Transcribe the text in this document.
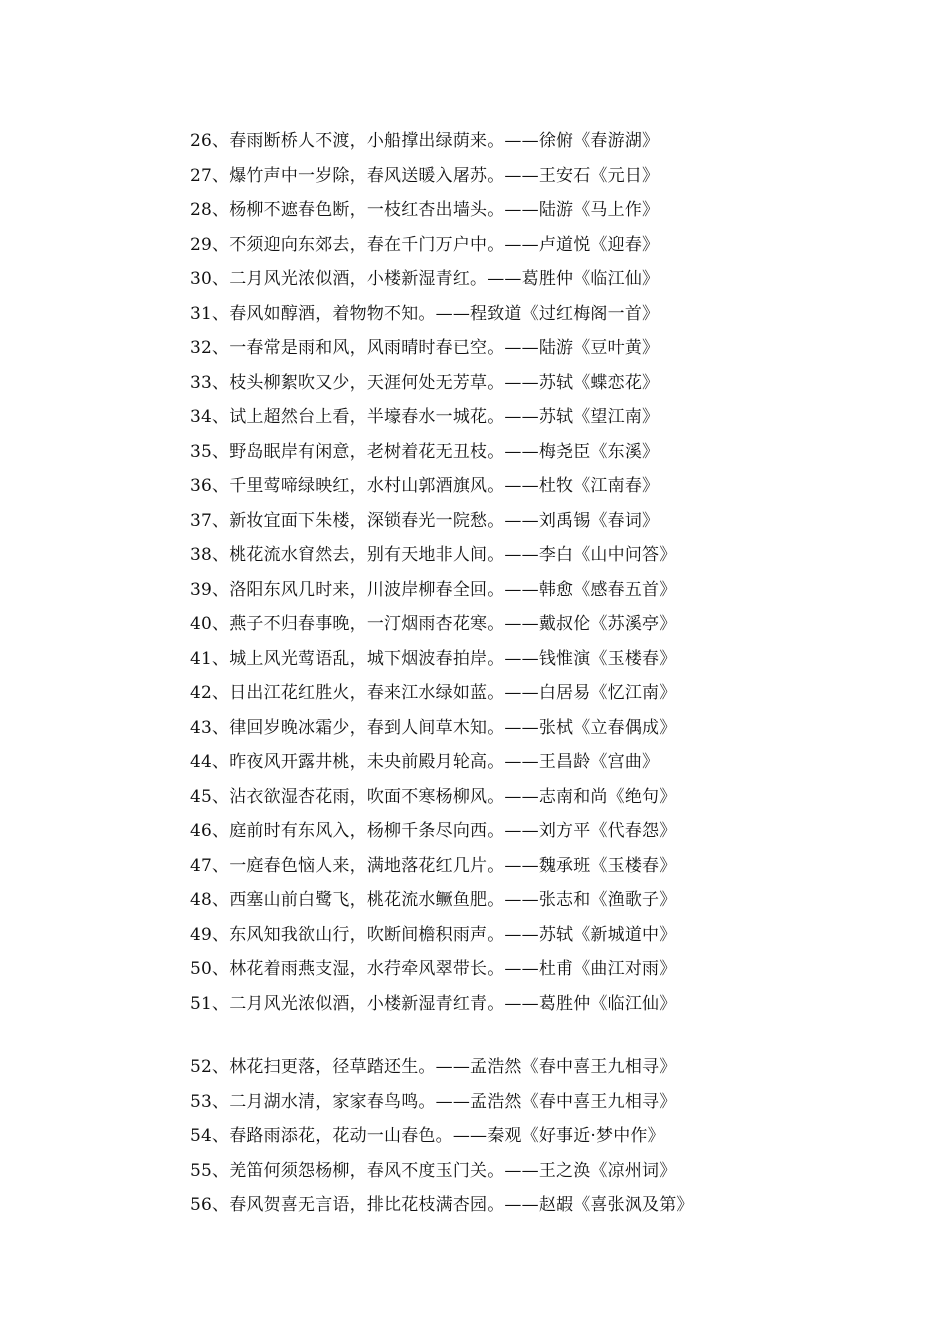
26、春雨断桥人不渡，小船撑出绿荫来。——徐俯《春游湖》
27、爆竹声中一岁除，春风送暖入屠苏。——王安石《元日》
28、杨柳不遮春色断，一枝红杏出墙头。——陆游《马上作》
29、不须迎向东郊去，春在千门万户中。——卢道悦《迎春》
30、二月风光浓似酒，小楼新湿青红。——葛胜仲《临江仙》
31、春风如醇酒，着物物不知。——程致道《过红梅阁一首》
32、一春常是雨和风，风雨晴时春已空。——陆游《豆叶黄》
33、枝头柳絮吹又少，天涯何处无芳草。——苏轼《蝶恋花》
34、试上超然台上看，半壕春水一城花。——苏轼《望江南》
35、野岛眠岸有闲意，老树着花无丑枝。——梅尧臣《东溪》
36、千里莺啼绿映红，水村山郭酒旗风。——杜牧《江南春》
37、新妆宜面下朱楼，深锁春光一院愁。——刘禹锡《春词》
38、桃花流水窅然去，别有天地非人间。——李白《山中问答》
39、洛阳东风几时来，川波岸柳春全回。——韩愈《感春五首》
40、燕子不归春事晚，一汀烟雨杏花寒。——戴叔伦《苏溪亭》
41、城上风光莺语乱，城下烟波春拍岸。——钱惟演《玉楼春》
42、日出江花红胜火，春来江水绿如蓝。——白居易《忆江南》
43、律回岁晚冰霜少，春到人间草木知。——张栻《立春偶成》
44、昨夜风开露井桃，未央前殿月轮高。——王昌龄《宫曲》
45、沾衣欲湿杏花雨，吹面不寒杨柳风。——志南和尚《绝句》
46、庭前时有东风入，杨柳千条尽向西。——刘方平《代春怨》
47、一庭春色恼人来，满地落花红几片。——魏承班《玉楼春》
48、西塞山前白鹭飞，桃花流水鳜鱼肥。——张志和《渔歌子》
49、东风知我欲山行，吹断间檐积雨声。——苏轼《新城道中》
50、林花着雨燕支湿，水荇牵风翠带长。——杜甫《曲江对雨》
51、二月风光浓似酒，小楼新湿青红青。——葛胜仲《临江仙》
52、林花扫更落，径草踏还生。——孟浩然《春中喜王九相寻》
53、二月湖水清，家家春鸟鸣。——孟浩然《春中喜王九相寻》
54、春路雨添花，花动一山春色。——秦观《好事近·梦中作》
55、羌笛何须怨杨柳，春风不度玉门关。——王之涣《凉州词》
56、春风贺喜无言语，排比花枝满杏园。——赵嘏《喜张沨及第》
